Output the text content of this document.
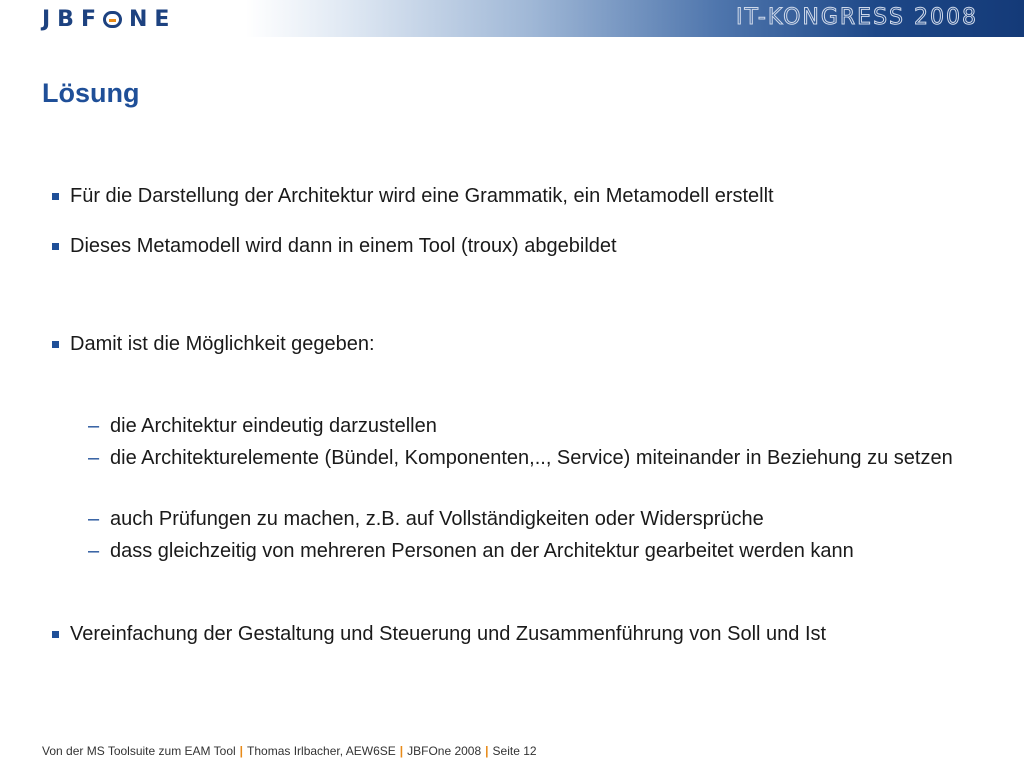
JBF NE	IT-KONGRESS 2008
Lösung
Für die Darstellung der Architektur wird eine Grammatik, ein Metamodell erstellt
Dieses Metamodell wird dann in einem Tool (troux) abgebildet
Damit ist die Möglichkeit gegeben:
– die Architektur eindeutig darzustellen
– die Architekturelemente (Bündel, Komponenten,.., Service) miteinander in Beziehung zu setzen
– auch Prüfungen zu machen, z.B. auf Vollständigkeiten oder Widersprüche
– dass gleichzeitig von mehreren Personen an der Architektur gearbeitet werden kann
Vereinfachung der Gestaltung und Steuerung und Zusammenführung von Soll und Ist
Von der MS Toolsuite zum EAM Tool | Thomas Irlbacher, AEW6SE | JBFOne 2008 | Seite 12
